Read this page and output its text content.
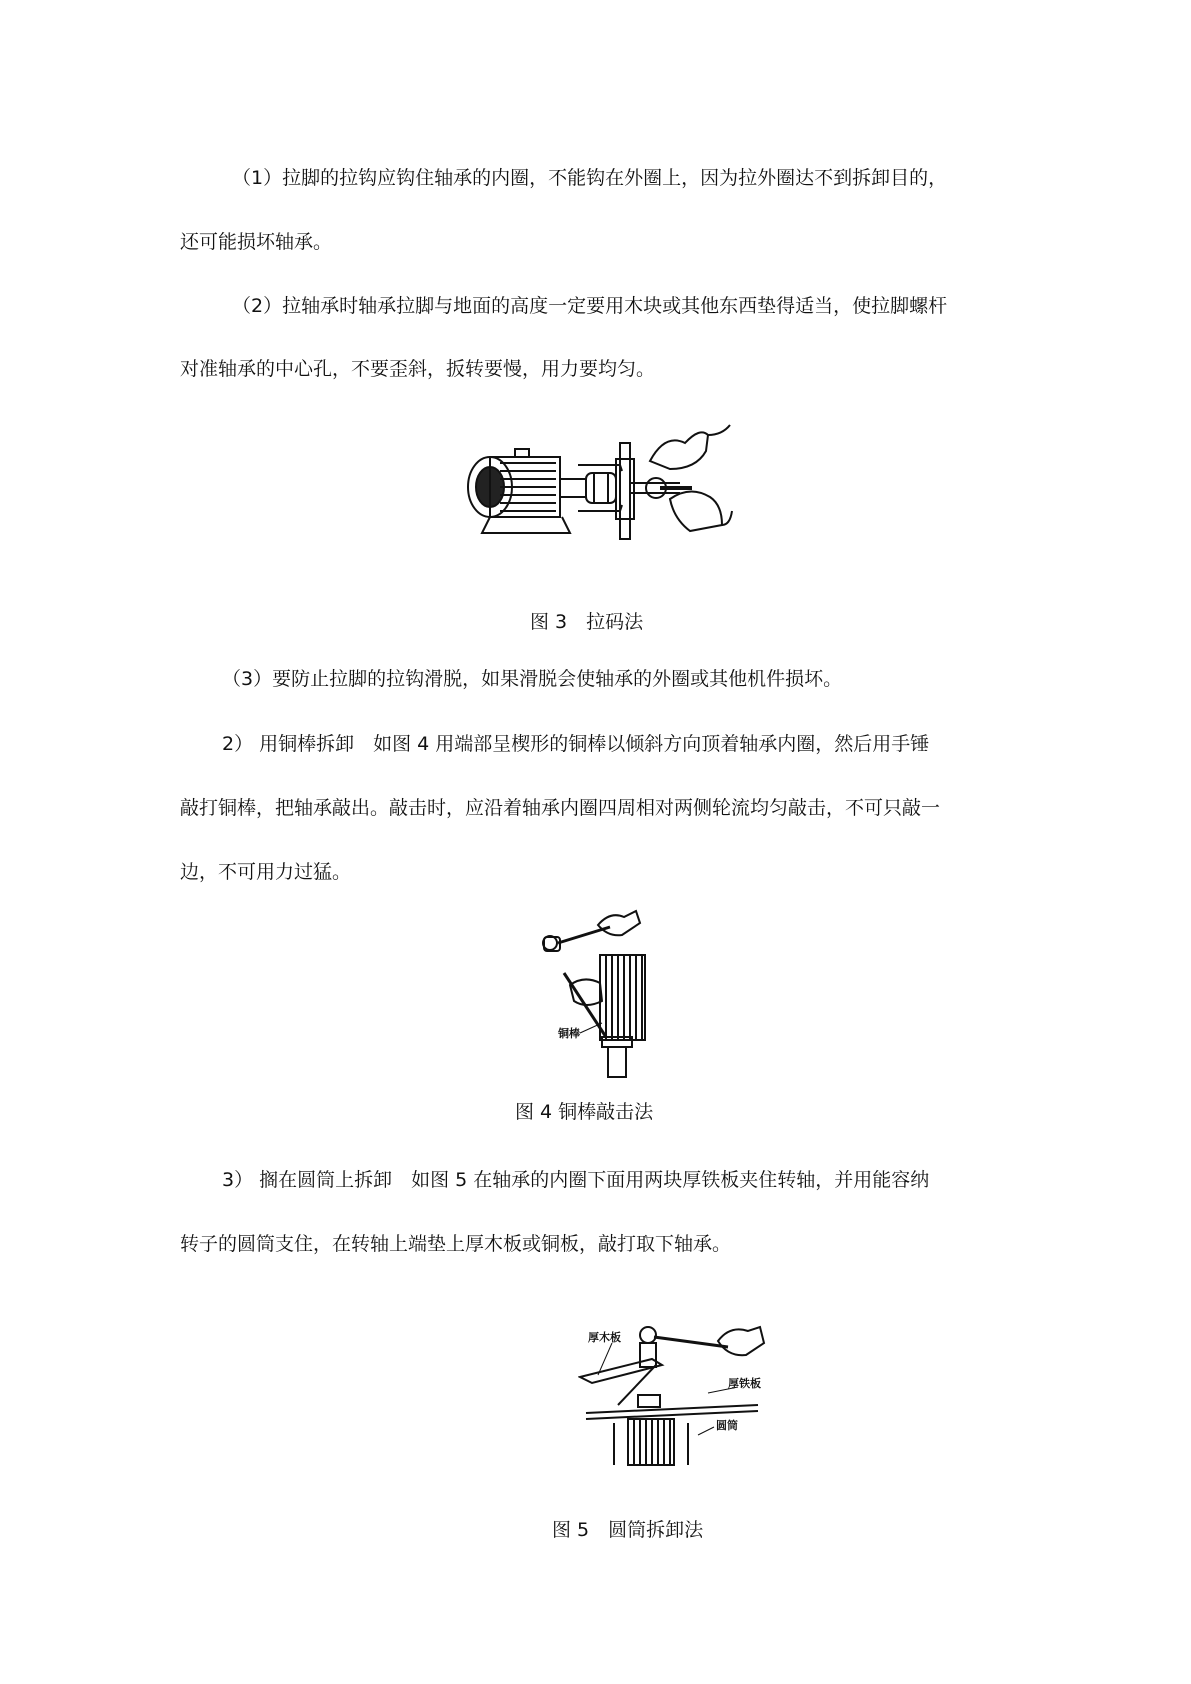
（1）拉脚的拉钩应钩住轴承的内圈，不能钩在外圈上，因为拉外圈达不到拆卸目的，
还可能损坏轴承。
（2）拉轴承时轴承拉脚与地面的高度一定要用木块或其他东西垫得适当，使拉脚螺杆
对准轴承的中心孔，不要歪斜，扳转要慢，用力要均匀。
图 3　拉码法
（3）要防止拉脚的拉钩滑脱，如果滑脱会使轴承的外圈或其他机件损坏。
2） 用铜棒拆卸　如图 4 用端部呈楔形的铜棒以倾斜方向顶着轴承内圈，然后用手锤
敲打铜棒，把轴承敲出。敲击时，应沿着轴承内圈四周相对两侧轮流均匀敲击，不可只敲一
边，不可用力过猛。
铜棒
图 4 铜棒敲击法
3） 搁在圆筒上拆卸　如图 5 在轴承的内圈下面用两块厚铁板夹住转轴，并用能容纳
转子的圆筒支住，在转轴上端垫上厚木板或铜板，敲打取下轴承。
厚木板
厚铁板
圆筒
图 5　圆筒拆卸法
